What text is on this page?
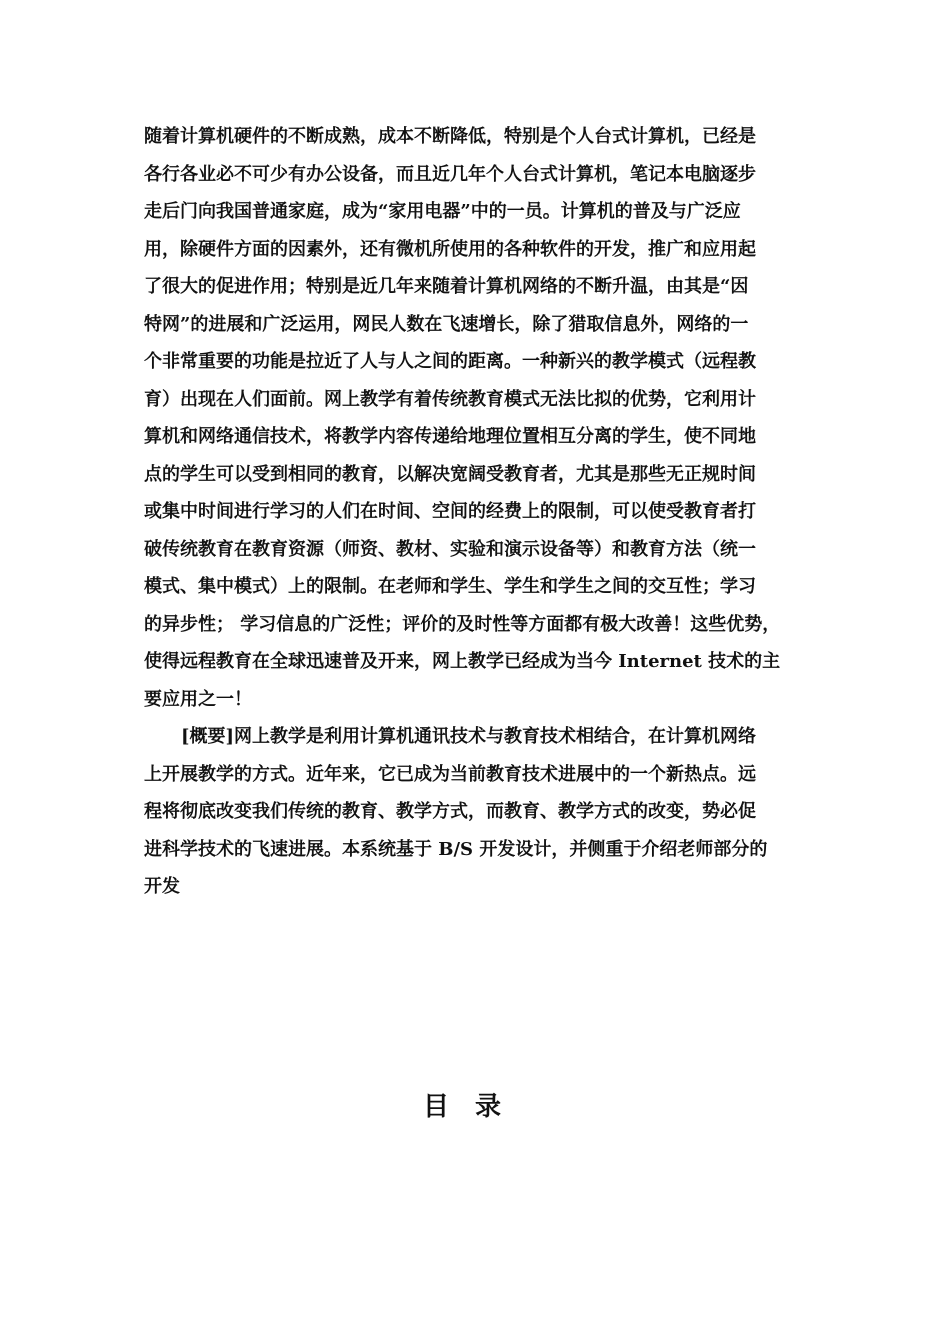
随着计算机硬件的不断成熟，成本不断降低，特别是个人台式计算机，已经是
各行各业必不可少有办公设备，而且近几年个人台式计算机，笔记本电脑逐步
走后门向我国普通家庭，成为“家用电器”中的一员。计算机的普及与广泛应
用，除硬件方面的因素外，还有微机所使用的各种软件的开发，推广和应用起
了很大的促进作用；特别是近几年来随着计算机网络的不断升温，由其是“因
特网”的进展和广泛运用，网民人数在飞速增长，除了猎取信息外，网络的一
个非常重要的功能是拉近了人与人之间的距离。一种新兴的教学模式（远程教
育）出现在人们面前。网上教学有着传统教育模式无法比拟的优势，它利用计
算机和网络通信技术，将教学内容传递给地理位置相互分离的学生，使不同地
点的学生可以受到相同的教育，以解决宽阔受教育者，尤其是那些无正规时间
或集中时间进行学习的人们在时间、空间的经费上的限制，可以使受教育者打
破传统教育在教育资源（师资、教材、实验和演示设备等）和教育方法（统一
模式、集中模式）上的限制。在老师和学生、学生和学生之间的交互性；学习
的异步性； 学习信息的广泛性；评价的及时性等方面都有极大改善！这些优势，
使得远程教育在全球迅速普及开来，网上教学已经成为当今 Internet 技术的主
要应用之一！
[概要]网上教学是利用计算机通讯技术与教育技术相结合，在计算机网络
上开展教学的方式。近年来，它已成为当前教育技术进展中的一个新热点。远
程将彻底改变我们传统的教育、教学方式，而教育、教学方式的改变，势必促
进科学技术的飞速进展。本系统基于 B/S 开发设计，并侧重于介绍老师部分的
开发
目录
